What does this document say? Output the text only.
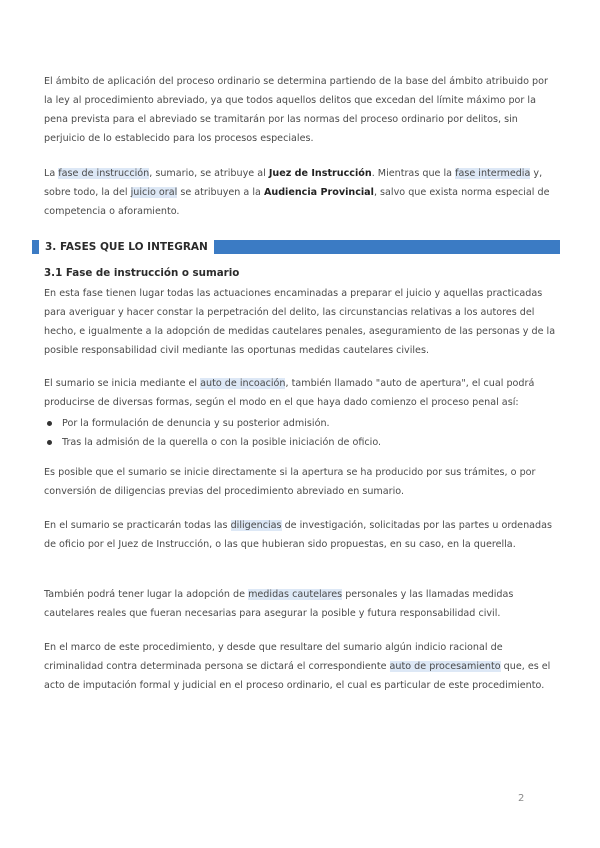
El ámbito de aplicación del proceso ordinario se determina partiendo de la base del ámbito atribuido por la ley al procedimiento abreviado, ya que todos aquellos delitos que excedan del límite máximo por la pena prevista para el abreviado se tramitarán por las normas del proceso ordinario por delitos, sin perjuicio de lo establecido para los procesos especiales.

La fase de instrucción, sumario, se atribuye al Juez de Instrucción. Mientras que la fase intermedia y, sobre todo, la del juicio oral se atribuyen a la Audiencia Provincial, salvo que exista norma especial de competencia o aforamiento.

3. FASES QUE LO INTEGRAN

3.1 Fase de instrucción o sumario

En esta fase tienen lugar todas las actuaciones encaminadas a preparar el juicio y aquellas practicadas para averiguar y hacer constar la perpetración del delito, las circunstancias relativas a los autores del hecho, e igualmente a la adopción de medidas cautelares penales, aseguramiento de las personas y de la posible responsabilidad civil mediante las oportunas medidas cautelares civiles.

El sumario se inicia mediante el auto de incoación, también llamado "auto de apertura", el cual podrá producirse de diversas formas, según el modo en el que haya dado comienzo el proceso penal así:

Por la formulación de denuncia y su posterior admisión.
Tras la admisión de la querella o con la posible iniciación de oficio.

Es posible que el sumario se inicie directamente si la apertura se ha producido por sus trámites, o por conversión de diligencias previas del procedimiento abreviado en sumario.

En el sumario se practicarán todas las diligencias de investigación, solicitadas por las partes u ordenadas de oficio por el Juez de Instrucción, o las que hubieran sido propuestas, en su caso, en la querella.

También podrá tener lugar la adopción de medidas cautelares personales y las llamadas medidas cautelares reales que fueran necesarias para asegurar la posible y futura responsabilidad civil.

En el marco de este procedimiento, y desde que resultare del sumario algún indicio racional de criminalidad contra determinada persona se dictará el correspondiente auto de procesamiento que, es el acto de imputación formal y judicial en el proceso ordinario, el cual es particular de este procedimiento.

2
